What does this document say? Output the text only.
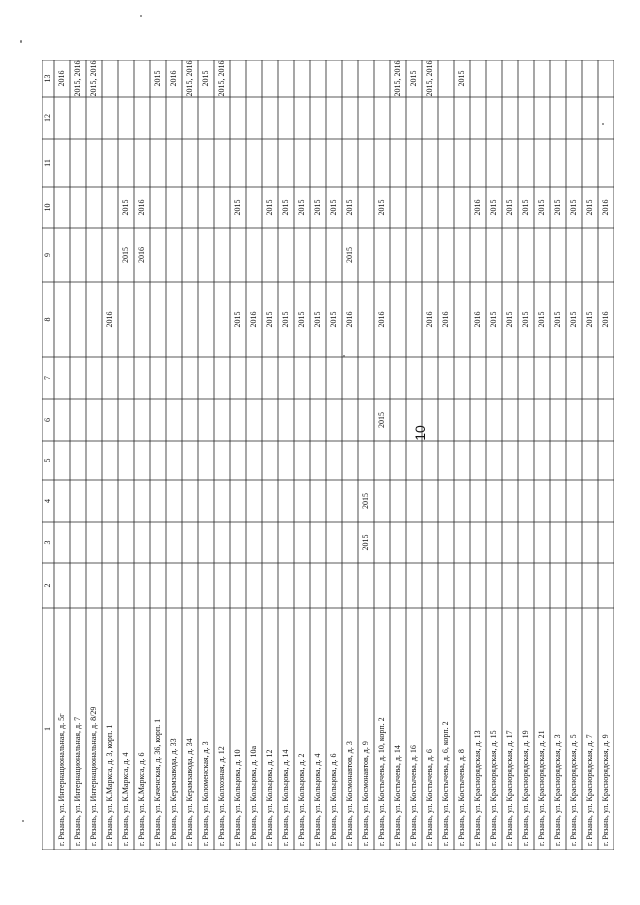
10
1
2
3
4
5
6
7
8
9
10
11
12
13
г. Рязань, ул. Интернациональная, д. 5г
2016
г. Рязань, ул. Интернациональная, д. 7
2015, 2016
г. Рязань, ул. Интернациональная, д. 8/29
2015, 2016
г. Рязань, ул. К.Маркса, д. 3, корп. 1
2016
г. Рязань, ул. К.Маркса, д. 4
2015
2015
г. Рязань, ул. К.Маркса, д. 6
2016
2016
г. Рязань, ул. Каченская, д. 36, корп. 1
2015
г. Рязань, ул. Керамзавода, д. 33
2016
г. Рязань, ул. Керамзавода, д. 34
2015, 2016
г. Рязань, ул. Коломенская, д. 3
2015
г. Рязань, ул. Колхозная, д. 12
2015, 2016
г. Рязань, ул. Кольцова, д. 10
2015
2015
г. Рязань, ул. Кольцова, д. 10а
2016
г. Рязань, ул. Кольцова, д. 12
2015
2015
г. Рязань, ул. Кольцова, д. 14
2015
2015
г. Рязань, ул. Кольцова, д. 2
2015
2015
г. Рязань, ул. Кольцова, д. 4
2015
2015
г. Рязань, ул. Кольцова, д. 6
2015
2015
г. Рязань, ул. Космонавтов, д. 3
2016
2015
2015
г. Рязань, ул. Космонавтов, д. 9
2015
2015
г. Рязань, ул. Костычева, д. 10, корп. 2
2015
2016
2015
г. Рязань, ул. Костычева, д. 14
2015, 2016
г. Рязань, ул. Костычева, д. 16
2015
г. Рязань, ул. Костычева, д. 6
2016
2015, 2016
г. Рязань, ул. Костычева, д. 6, корп. 2
2016
г. Рязань, ул. Костычева, д. 8
2015
г. Рязань, ул. Краснорядская, д. 13
2016
2016
г. Рязань, ул. Краснорядская, д. 15
2015
2015
г. Рязань, ул. Краснорядская, д. 17
2015
2015
г. Рязань, ул. Краснорядская, д. 19
2015
2015
г. Рязань, ул. Краснорядская, д. 21
2015
2015
г. Рязань, ул. Краснорядская, д. 3
2015
2015
г. Рязань, ул. Краснорядская, д. 5
2015
2015
г. Рязань, ул. Краснорядская, д. 7
2015
2015
г. Рязань, ул. Краснорядская, д. 9
2016
2016
